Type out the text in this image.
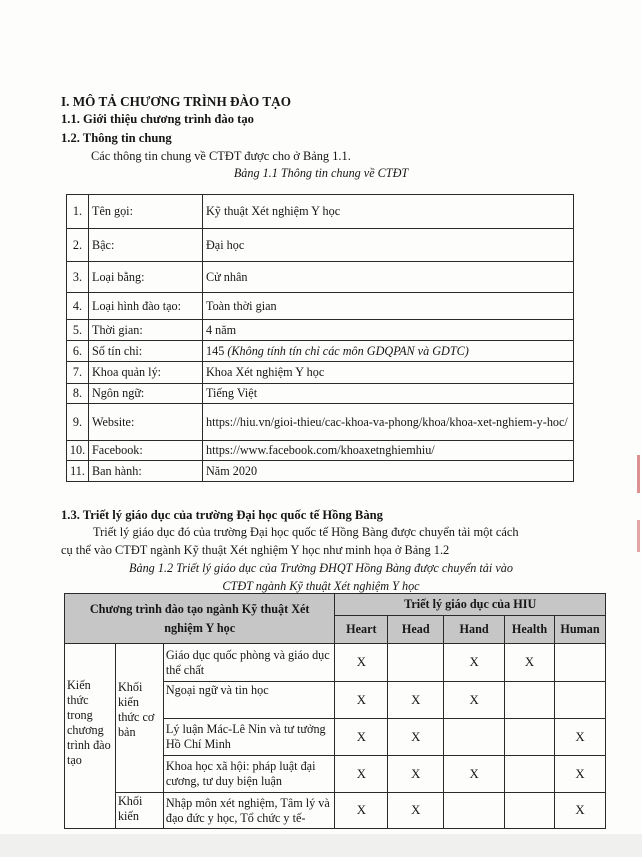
I. MÔ TẢ CHƯƠNG TRÌNH ĐÀO TẠO
1.1. Giới thiệu chương trình đào tạo
1.2. Thông tin chung
Các thông tin chung về CTĐT được cho ở Bảng 1.1.
Bảng 1.1 Thông tin chung về CTĐT
1.	Tên gọi:	Kỹ thuật Xét nghiệm Y học
2.	Bậc:	Đại học
3.	Loại bằng:	Cử nhân
4.	Loại hình đào tạo:	Toàn thời gian
5.	Thời gian:	4 năm
6.	Số tín chỉ:	145 (Không tính tín chỉ các môn GDQPAN và GDTC)
7.	Khoa quản lý:	Khoa Xét nghiệm Y học
8.	Ngôn ngữ:	Tiếng Việt
9.	Website:	https://hiu.vn/gioi-thieu/cac-khoa-va-phong/khoa/khoa-xet-nghiem-y-hoc/
10.	Facebook:	https://www.facebook.com/khoaxetnghiemhiu/
11.	Ban hành:	Năm 2020
1.3. Triết lý giáo dục của trường Đại học quốc tế Hồng Bàng
Triết lý giáo dục đó của trường Đại học quốc tế Hồng Bàng được chuyển tải một cách
cụ thể vào CTĐT ngành Kỹ thuật Xét nghiệm Y học như minh họa ở Bảng 1.2
Bảng 1.2 Triết lý giáo dục của Trường ĐHQT Hồng Bàng được chuyển tải vào
CTĐT ngành Kỹ thuật Xét nghiệm Y học
Chương trình đào tạo ngành Kỹ thuật Xét nghiệm Y học			Triết lý giáo dục của HIU				
			Heart	Head	Hand	Health	Human
Kiến thức trong chương trình đào tạo	Khối kiến thức cơ bản	Giáo dục quốc phòng và giáo dục thể chất	X		X	X	
		Ngoại ngữ và tin học	X	X	X		
		Lý luận Mác-Lê Nin và tư tưởng Hồ Chí Minh	X	X			X
		Khoa học xã hội: pháp luật đại cương, tư duy biện luận	X	X	X		X
	Khối kiến	Nhập môn xét nghiệm, Tâm lý và đạo đức y học, Tổ chức y tế-	X	X			X
